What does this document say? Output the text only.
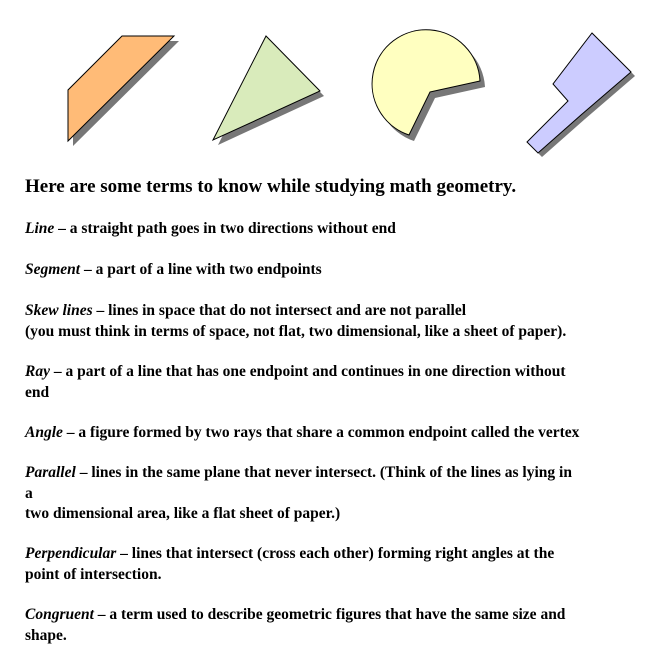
Here are some terms to know while studying math geometry.

Line – a straight path goes in two directions without end

Segment – a part of a line with two endpoints

Skew lines – lines in space that do not intersect and are not parallel
(you must think in terms of space, not flat, two dimensional, like a sheet of paper).

Ray – a part of a line that has one endpoint and continues in one direction without
end

Angle – a figure formed by two rays that share a common endpoint called the vertex

Parallel – lines in the same plane that never intersect. (Think of the lines as lying in
a
two dimensional area, like a flat sheet of paper.)

Perpendicular – lines that intersect (cross each other) forming right angles at the
point of intersection.

Congruent – a term used to describe geometric figures that have the same size and
shape.
